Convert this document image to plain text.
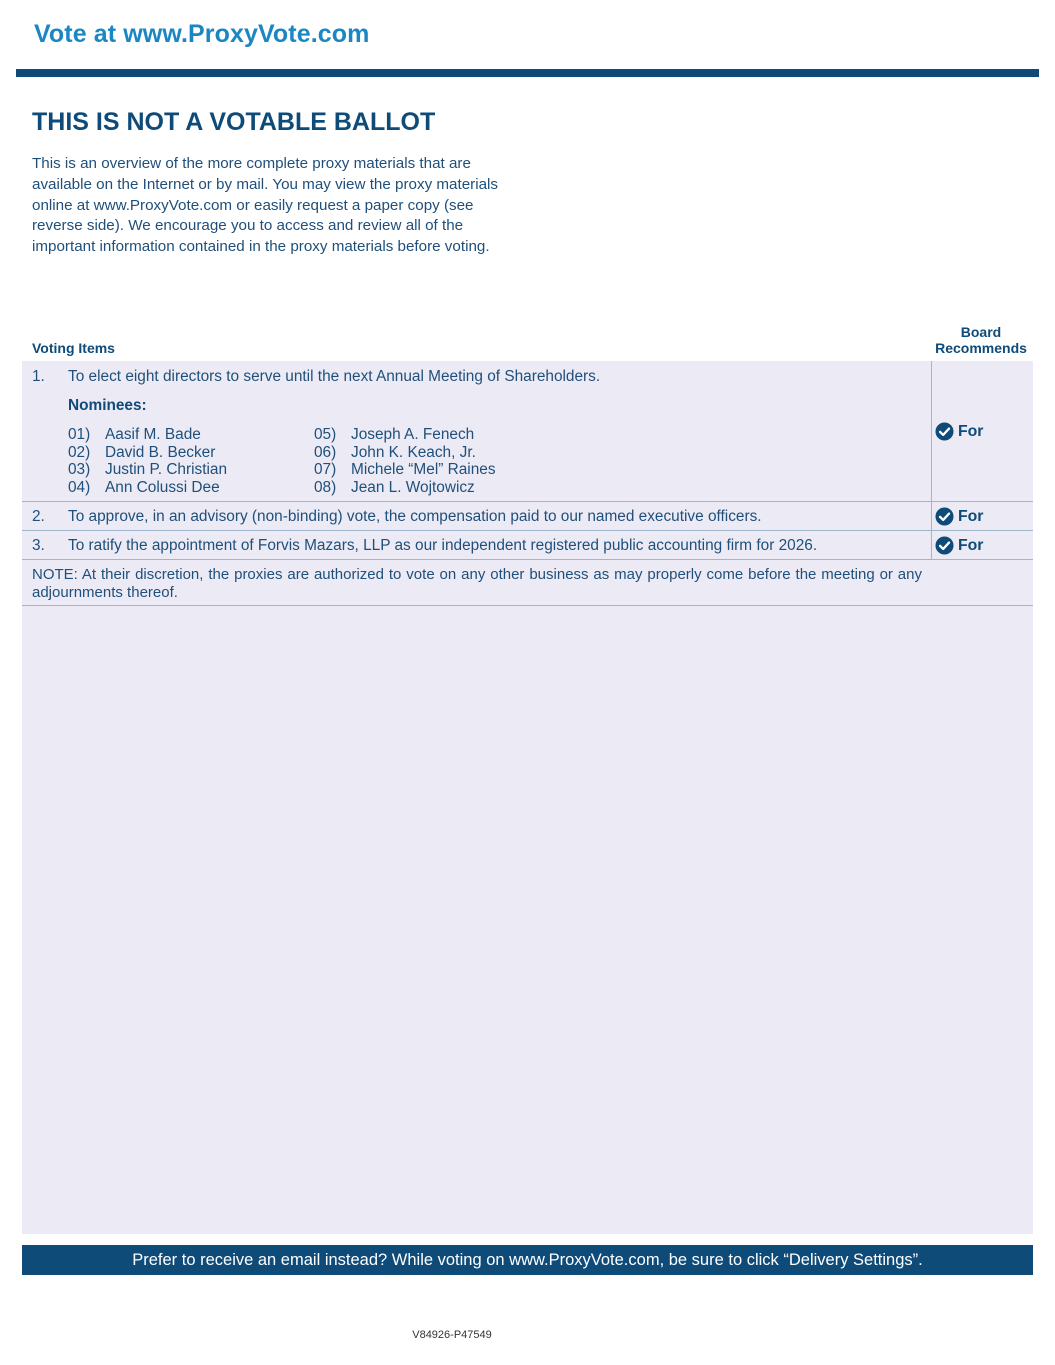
Vote at www.ProxyVote.com
THIS IS NOT A VOTABLE BALLOT
This is an overview of the more complete proxy materials that are available on the Internet or by mail. You may view the proxy materials online at www.ProxyVote.com or easily request a paper copy (see reverse side). We encourage you to access and review all of the important information contained in the proxy materials before voting.
Voting Items
Board
Recommends
1. To elect eight directors to serve until the next Annual Meeting of Shareholders.
Nominees:
01) Aasif M. Bade
02) David B. Becker
03) Justin P. Christian
04) Ann Colussi Dee
05) Joseph A. Fenech
06) John K. Keach, Jr.
07) Michele “Mel” Raines
08) Jean L. Wojtowicz
For
2. To approve, in an advisory (non-binding) vote, the compensation paid to our named executive officers.	For
3. To ratify the appointment of Forvis Mazars, LLP as our independent registered public accounting firm for 2026.	For
NOTE: At their discretion, the proxies are authorized to vote on any other business as may properly come before the meeting or any adjournments thereof.
Prefer to receive an email instead? While voting on www.ProxyVote.com, be sure to click “Delivery Settings”.
V84926-P47549
